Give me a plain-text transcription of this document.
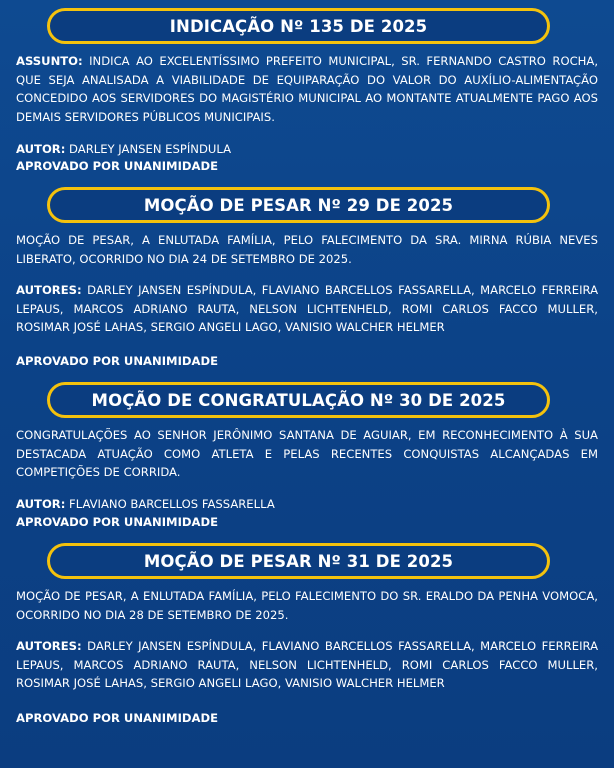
INDICAÇÃO Nº 135 DE 2025

ASSUNTO: INDICA AO EXCELENTÍSSIMO PREFEITO MUNICIPAL, SR. FERNANDO CASTRO ROCHA, QUE SEJA ANALISADA A VIABILIDADE DE EQUIPARAÇÃO DO VALOR DO AUXÍLIO-ALIMENTAÇÃO CONCEDIDO AOS SERVIDORES DO MAGISTÉRIO MUNICIPAL AO MONTANTE ATUALMENTE PAGO AOS DEMAIS SERVIDORES PÚBLICOS MUNICIPAIS.

AUTOR: DARLEY JANSEN ESPÍNDULA

APROVADO POR UNANIMIDADE
MOÇÃO DE PESAR Nº 29 DE 2025

MOÇÃO DE PESAR, A ENLUTADA FAMÍLIA, PELO FALECIMENTO DA SRA. MIRNA RÚBIA NEVES LIBERATO, OCORRIDO NO DIA 24 DE SETEMBRO DE 2025.

AUTORES: DARLEY JANSEN ESPÍNDULA, FLAVIANO BARCELLOS FASSARELLA, MARCELO FERREIRA LEPAUS, MARCOS ADRIANO RAUTA, NELSON LICHTENHELD, ROMI CARLOS FACCO MULLER, ROSIMAR JOSÉ LAHAS, SERGIO ANGELI LAGO, VANISIO WALCHER HELMER

APROVADO POR UNANIMIDADE
MOÇÃO DE CONGRATULAÇÃO Nº 30 DE 2025

CONGRATULAÇÕES AO SENHOR JERÔNIMO SANTANA DE AGUIAR, EM RECONHECIMENTO À SUA DESTACADA ATUAÇÃO COMO ATLETA E PELAS RECENTES CONQUISTAS ALCANÇADAS EM COMPETIÇÕES DE CORRIDA.

AUTOR: FLAVIANO BARCELLOS FASSARELLA

APROVADO POR UNANIMIDADE
MOÇÃO DE PESAR Nº 31 DE 2025

MOÇÃO DE PESAR, A ENLUTADA FAMÍLIA, PELO FALECIMENTO DO SR. ERALDO DA PENHA VOMOCA, OCORRIDO NO DIA 28 DE SETEMBRO DE 2025.

AUTORES: DARLEY JANSEN ESPÍNDULA, FLAVIANO BARCELLOS FASSARELLA, MARCELO FERREIRA LEPAUS, MARCOS ADRIANO RAUTA, NELSON LICHTENHELD, ROMI CARLOS FACCO MULLER, ROSIMAR JOSÉ LAHAS, SERGIO ANGELI LAGO, VANISIO WALCHER HELMER

APROVADO POR UNANIMIDADE
